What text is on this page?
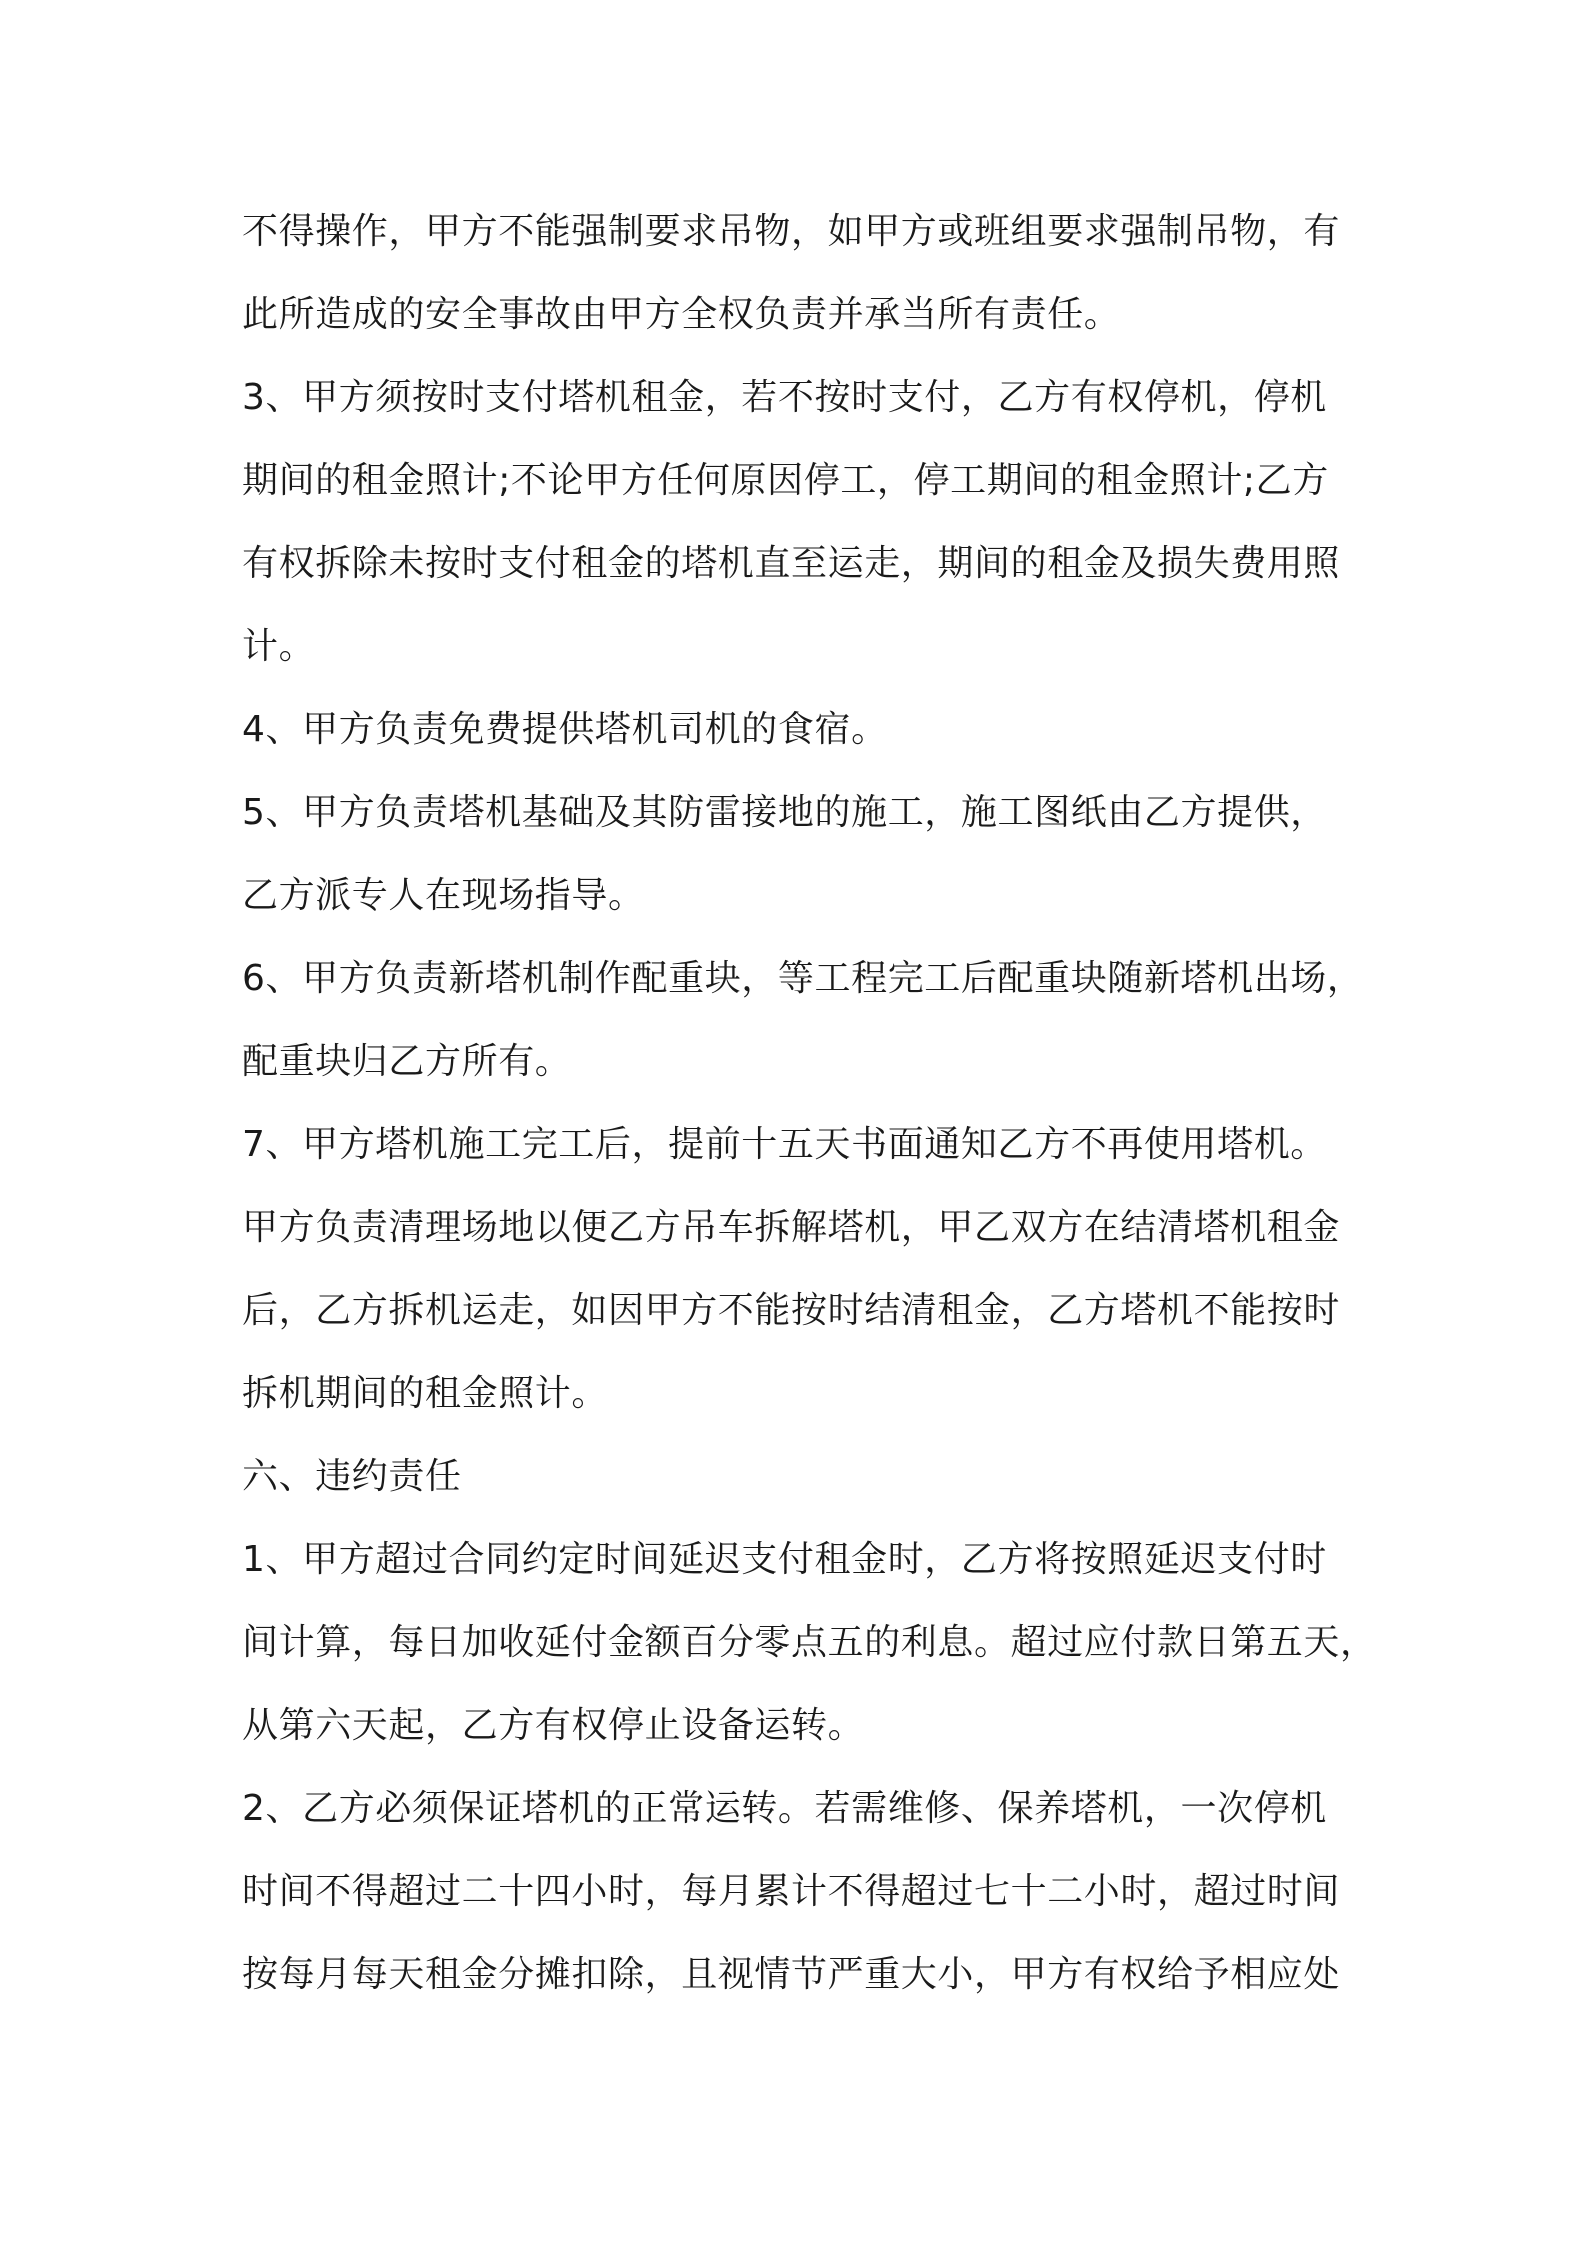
不得操作，甲方不能强制要求吊物，如甲方或班组要求强制吊物，有
此所造成的安全事故由甲方全权负责并承当所有责任。
3、甲方须按时支付塔机租金，若不按时支付，乙方有权停机，停机
期间的租金照计;不论甲方任何原因停工，停工期间的租金照计;乙方
有权拆除未按时支付租金的塔机直至运走，期间的租金及损失费用照
计。
4、甲方负责免费提供塔机司机的食宿。
5、甲方负责塔机基础及其防雷接地的施工，施工图纸由乙方提供，
乙方派专人在现场指导。
6、甲方负责新塔机制作配重块，等工程完工后配重块随新塔机出场，
配重块归乙方所有。
7、甲方塔机施工完工后，提前十五天书面通知乙方不再使用塔机。
甲方负责清理场地以便乙方吊车拆解塔机，甲乙双方在结清塔机租金
后，乙方拆机运走，如因甲方不能按时结清租金，乙方塔机不能按时
拆机期间的租金照计。
六、违约责任
1、甲方超过合同约定时间延迟支付租金时，乙方将按照延迟支付时
间计算，每日加收延付金额百分零点五的利息。超过应付款日第五天，
从第六天起，乙方有权停止设备运转。
2、乙方必须保证塔机的正常运转。若需维修、保养塔机，一次停机
时间不得超过二十四小时，每月累计不得超过七十二小时，超过时间
按每月每天租金分摊扣除，且视情节严重大小，甲方有权给予相应处
